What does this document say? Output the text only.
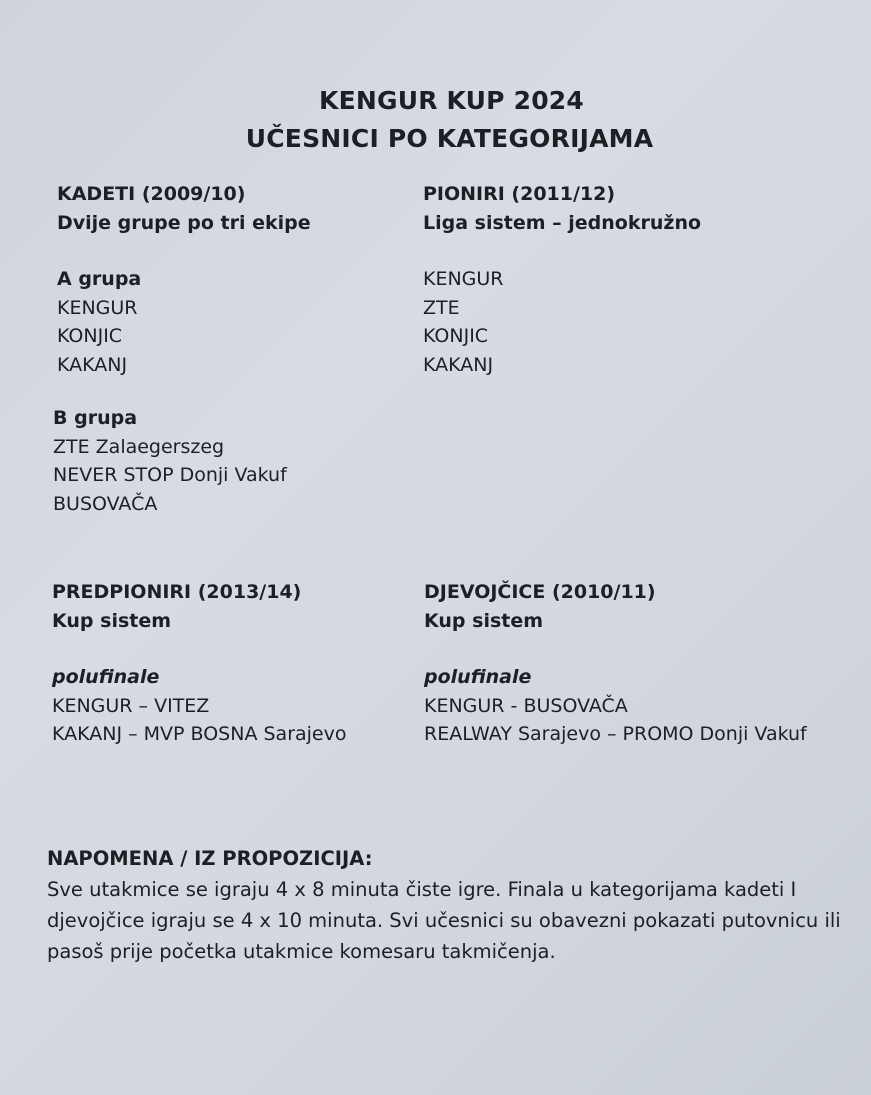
KENGUR KUP 2024
UČESNICI PO KATEGORIJAMA
KADETI (2009/10)
Dvije grupe po tri ekipe
A grupa
KENGUR
KONJIC
KAKANJ
B grupa
ZTE Zalaegerszeg
NEVER STOP Donji Vakuf
BUSOVAČA
PIONIRI (2011/12)
Liga sistem – jednokružno
KENGUR
ZTE
KONJIC
KAKANJ
PREDPIONIRI (2013/14)
Kup sistem
polufinale
KENGUR – VITEZ
KAKANJ – MVP BOSNA Sarajevo
DJEVOJČICE (2010/11)
Kup sistem
polufinale
KENGUR - BUSOVAČA
REALWAY Sarajevo – PROMO Donji Vakuf
NAPOMENA / IZ PROPOZICIJA:
Sve utakmice se igraju 4 x 8 minuta čiste igre. Finala u kategorijama kadeti I
djevojčice igraju se 4 x 10 minuta. Svi učesnici su obavezni pokazati putovnicu ili
pasoš prije početka utakmice komesaru takmičenja.
